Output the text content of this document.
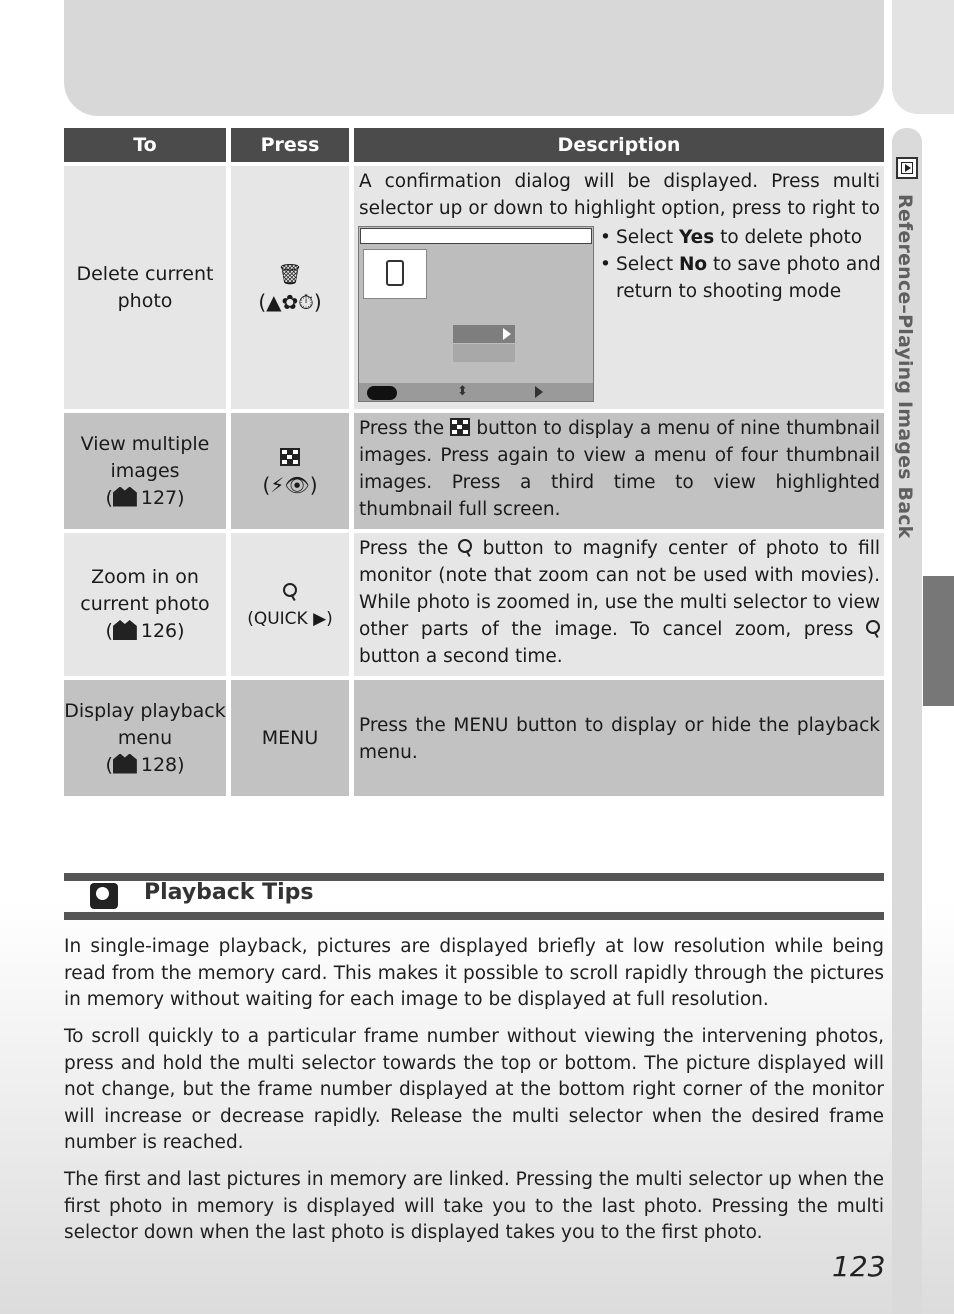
Reference–Playing Images Back
To	Press	Description
Delete current
photo
🗑
(▲✿⏱)
A confirmation dialog will be displayed. Press multi selector up or down to highlight option, press to right to
⬍
• Select Yes to delete photo
• Select No to save photo and return to shooting mode
View multiple
images
( 127)
(⚡👁)
Press the
button to display a menu of nine thumbnail images. Press again to view a menu of four thumbnail images. Press a third time to view highlighted thumbnail full screen.
Zoom in on
current photo
( 126)
(QUICK ▶)
Press the  button to magnify center of photo to fill monitor (note that zoom can not be used with movies). While photo is zoomed in, use the multi selector to view other parts of the image. To cancel zoom, press  button a second time.
Display playback
menu
( 128)
MENU
Press the MENU button to display or hide the playback menu.
Playback Tips
In single-image playback, pictures are displayed briefly at low resolution while being read from the memory card. This makes it possible to scroll rapidly through the pictures in memory without waiting for each image to be displayed at full resolution.
To scroll quickly to a particular frame number without viewing the intervening photos, press and hold the multi selector towards the top or bottom. The picture displayed will not change, but the frame number displayed at the bottom right corner of the monitor will increase or decrease rapidly. Release the multi selector when the desired frame number is reached.
The first and last pictures in memory are linked. Pressing the multi selector up when the first photo in memory is displayed will take you to the last photo. Pressing the multi selector down when the last photo is displayed takes you to the first photo.
123
